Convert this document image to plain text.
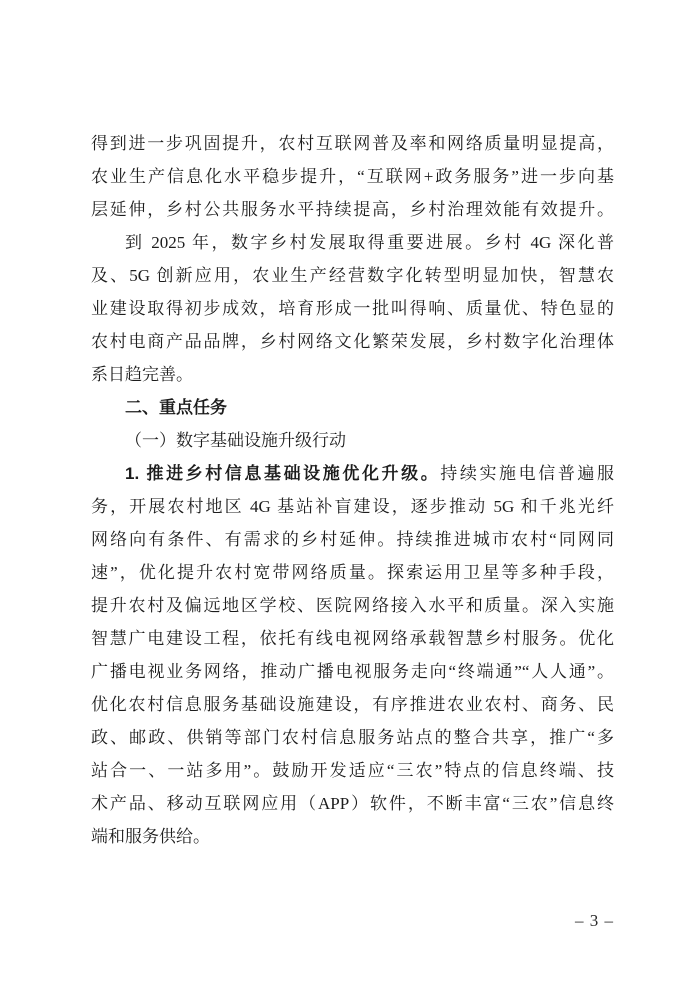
得到进一步巩固提升，农村互联网普及率和网络质量明显提高，

农业生产信息化水平稳步提升，“互联网+政务服务”进一步向基

层延伸，乡村公共服务水平持续提高，乡村治理效能有效提升。

到 2025 年，数字乡村发展取得重要进展。乡村 4G 深化普

及、5G 创新应用，农业生产经营数字化转型明显加快，智慧农

业建设取得初步成效，培育形成一批叫得响、质量优、特色显的

农村电商产品品牌，乡村网络文化繁荣发展，乡村数字化治理体

系日趋完善。

二、重点任务

（一）数字基础设施升级行动

1. 推进乡村信息基础设施优化升级。持续实施电信普遍服

务，开展农村地区 4G 基站补盲建设，逐步推动 5G 和千兆光纤

网络向有条件、有需求的乡村延伸。持续推进城市农村“同网同

速”，优化提升农村宽带网络质量。探索运用卫星等多种手段，

提升农村及偏远地区学校、医院网络接入水平和质量。深入实施

智慧广电建设工程，依托有线电视网络承载智慧乡村服务。优化

广播电视业务网络，推动广播电视服务走向“终端通”“人人通”。

优化农村信息服务基础设施建设，有序推进农业农村、商务、民

政、邮政、供销等部门农村信息服务站点的整合共享，推广“多

站合一、一站多用”。鼓励开发适应“三农”特点的信息终端、技

术产品、移动互联网应用（APP）软件，不断丰富“三农”信息终

端和服务供给。

– 3 –
